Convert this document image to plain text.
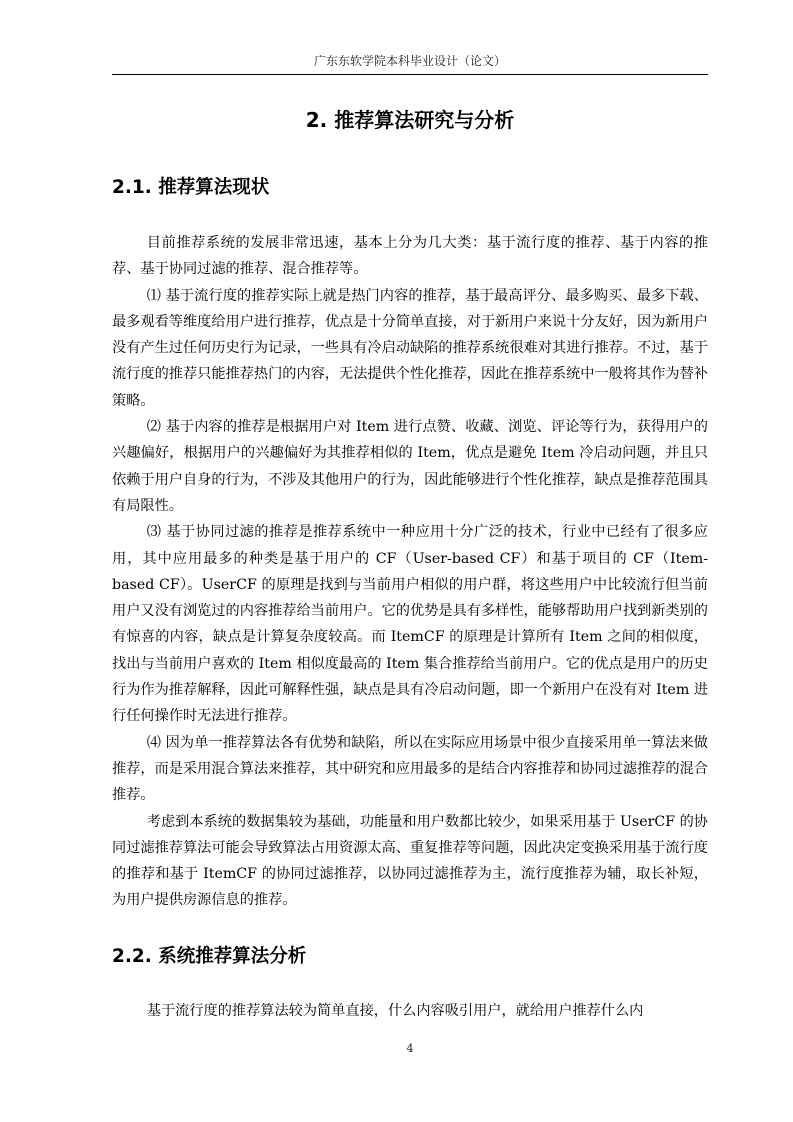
广东东软学院本科毕业设计（论文）
2. 推荐算法研究与分析
2.1. 推荐算法现状

目前推荐系统的发展非常迅速，基本上分为几大类：基于流行度的推荐、基于内容的推荐、基于协同过滤的推荐、混合推荐等。

⑴ 基于流行度的推荐实际上就是热门内容的推荐，基于最高评分、最多购买、最多下载、最多观看等维度给用户进行推荐，优点是十分简单直接，对于新用户来说十分友好，因为新用户没有产生过任何历史行为记录，一些具有冷启动缺陷的推荐系统很难对其进行推荐。不过，基于流行度的推荐只能推荐热门的内容，无法提供个性化推荐，因此在推荐系统中一般将其作为替补策略。

⑵ 基于内容的推荐是根据用户对 Item 进行点赞、收藏、浏览、评论等行为，获得用户的兴趣偏好，根据用户的兴趣偏好为其推荐相似的 Item，优点是避免 Item 冷启动问题，并且只依赖于用户自身的行为，不涉及其他用户的行为，因此能够进行个性化推荐，缺点是推荐范围具有局限性。

⑶ 基于协同过滤的推荐是推荐系统中一种应用十分广泛的技术，行业中已经有了很多应用，其中应用最多的种类是基于用户的 CF（User-based CF）和基于项目的 CF（Item-based CF）。UserCF 的原理是找到与当前用户相似的用户群，将这些用户中比较流行但当前用户又没有浏览过的内容推荐给当前用户。它的优势是具有多样性，能够帮助用户找到新类别的有惊喜的内容，缺点是计算复杂度较高。而 ItemCF 的原理是计算所有 Item 之间的相似度，找出与当前用户喜欢的 Item 相似度最高的 Item 集合推荐给当前用户。它的优点是用户的历史行为作为推荐解释，因此可解释性强，缺点是具有冷启动问题，即一个新用户在没有对 Item 进行任何操作时无法进行推荐。

⑷ 因为单一推荐算法各有优势和缺陷，所以在实际应用场景中很少直接采用单一算法来做推荐，而是采用混合算法来推荐，其中研究和应用最多的是结合内容推荐和协同过滤推荐的混合推荐。

考虑到本系统的数据集较为基础，功能量和用户数都比较少，如果采用基于 UserCF 的协同过滤推荐算法可能会导致算法占用资源太高、重复推荐等问题，因此决定变换采用基于流行度的推荐和基于 ItemCF 的协同过滤推荐，以协同过滤推荐为主，流行度推荐为辅，取长补短，为用户提供房源信息的推荐。

2.2. 系统推荐算法分析

基于流行度的推荐算法较为简单直接，什么内容吸引用户，就给用户推荐什么内

4
